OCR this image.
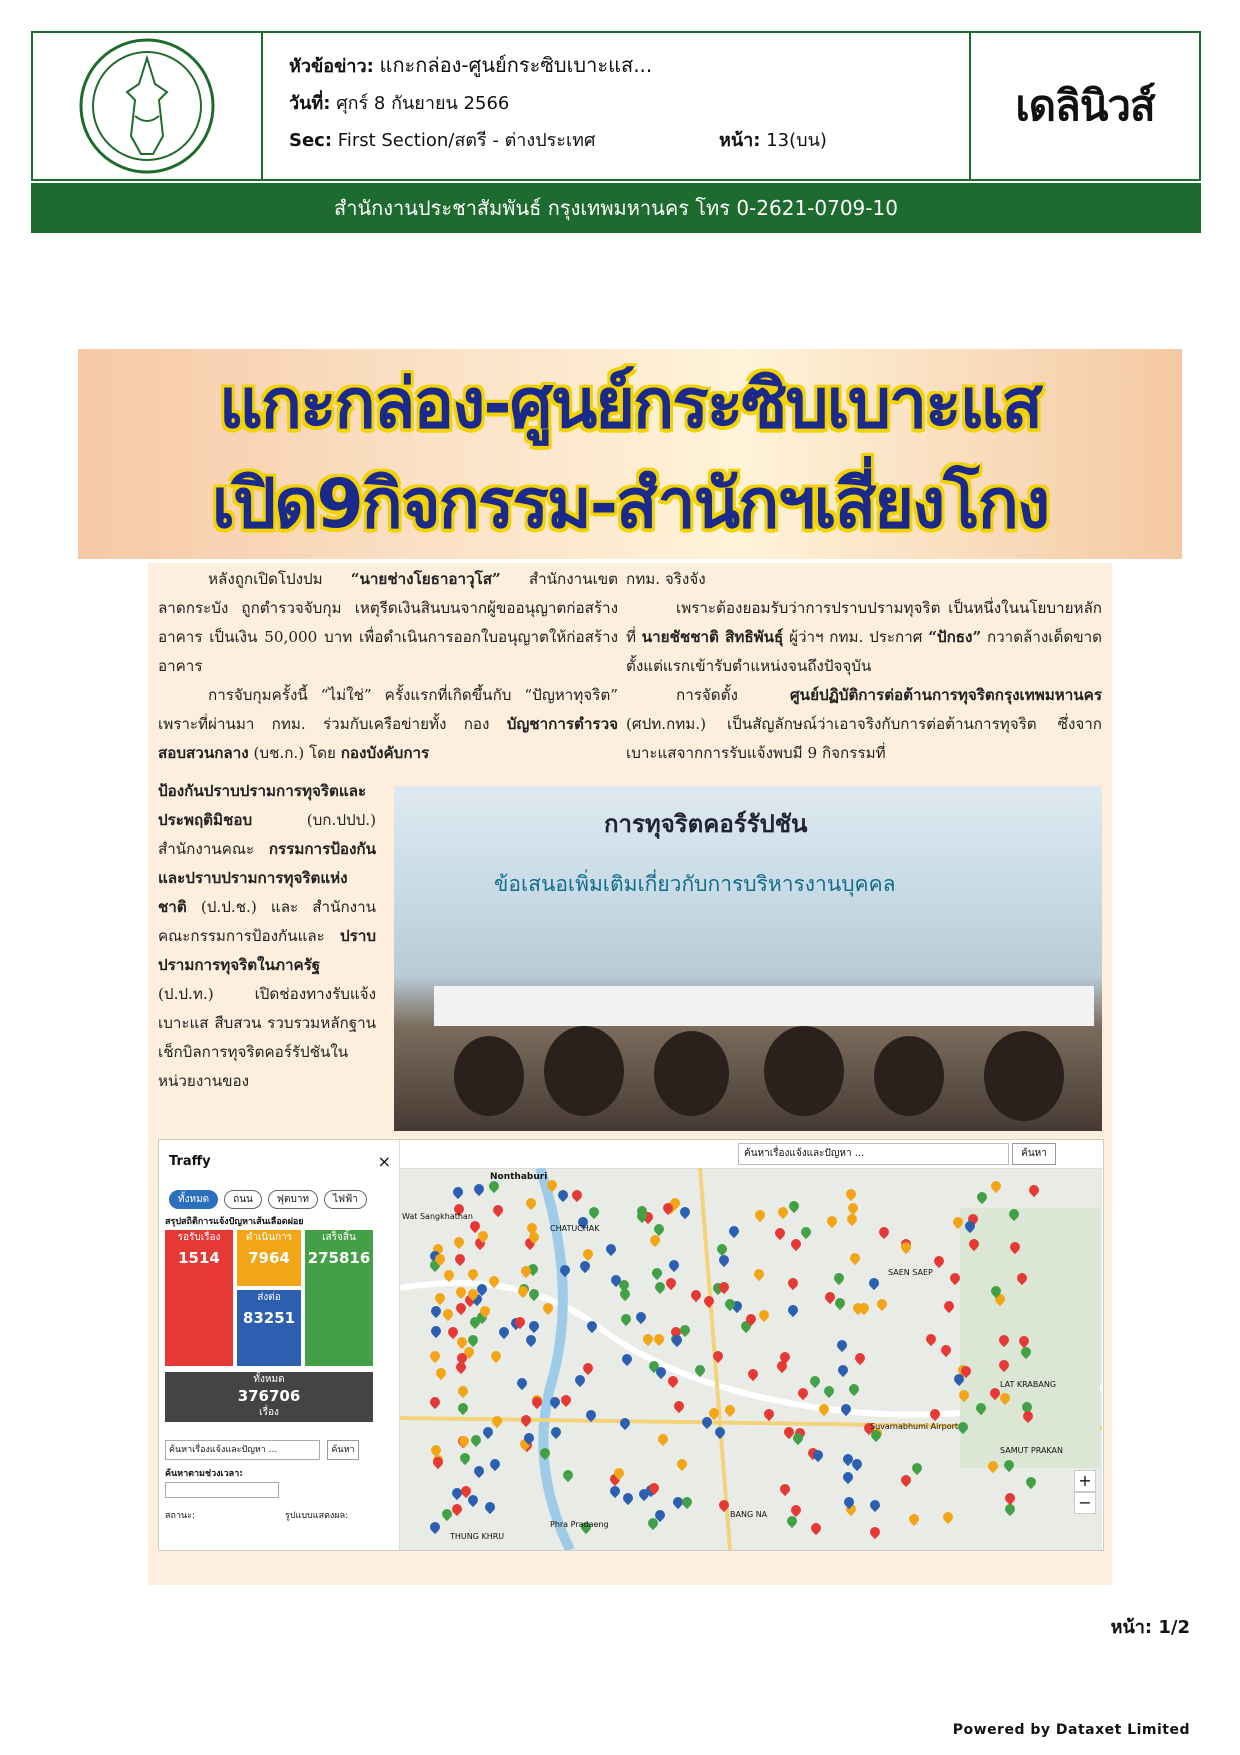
หัวข้อข่าว: แกะกล่อง-ศูนย์กระซิบเบาะแส...
วันที่: ศุกร์ 8 กันยายน 2566
Sec: First Section/สตรี - ต่างประเทศ	หน้า: 13(บน)
เดลินิวส์
สำนักงานประชาสัมพันธ์ กรุงเทพมหานคร โทร 0-2621-0709-10
แกะกล่อง-ศูนย์กระซิบเบาะแส
เปิด9กิจกรรม-สำนักฯเสี่ยงโกง

หลังถูกเปิดโปงปม “นายช่างโยธาอาวุโส” สำนักงานเขตลาดกระบัง ถูกตำรวจจับกุม เหตุรีดเงินสินบนจากผู้ขออนุญาตก่อสร้างอาคาร เป็นเงิน 50,000 บาท เพื่อดำเนินการออกใบอนุญาตให้ก่อสร้างอาคาร

การจับกุมครั้งนี้ “ไม่ใช่” ครั้งแรกที่เกิดขึ้นกับ “ปัญหาทุจริต” เพราะที่ผ่านมา กทม. ร่วมกับเครือข่ายทั้ง กอง บัญชาการตำรวจสอบสวนกลาง (บช.ก.) โดย กองบังคับการ

ป้องกันปราบปรามการทุจริตและประพฤติมิชอบ	(บก.ปปป.) สำนักงานคณะ กรรมการป้องกันและปราบปรามการทุจริตแห่งชาติ (ป.ป.ช.) และ สำนักงานคณะกรรมการป้องกันและ ปราบปรามการทุจริตในภาครัฐ (ป.ป.ท.) เปิดช่องทางรับแจ้งเบาะแส สืบสวน รวบรวมหลักฐาน เช็กบิลการทุจริตคอร์รัปชันในหน่วยงานของ

กทม. จริงจัง

เพราะต้องยอมรับว่าการปราบปรามทุจริต เป็นหนึ่งในนโยบายหลักที่ นายชัชชาติ สิทธิพันธุ์ ผู้ว่าฯ กทม. ประกาศ “ปักธง” กวาดล้างเด็ดขาดตั้งแต่แรกเข้ารับตำแหน่งจนถึงปัจจุบัน

การจัดตั้ง	ศูนย์ปฏิบัติการต่อต้านการทุจริตกรุงเทพมหานคร (ศปท.กทม.) เป็นสัญลักษณ์ว่าเอาจริงกับการต่อต้านการทุจริต ซึ่งจากเบาะแสจากการรับแจ้งพบมี 9 กิจกรรมที่

การทุจริตคอร์รัปชัน
ข้อเสนอเพิ่มเติมเกี่ยวกับการบริหารงานบุคคล
Traffy	×
ทั้งหมด	ถนน	ฟุตบาท	ไฟฟ้า
สรุปสถิติการแจ้งปัญหาเส้นเลือดฝอย
รอรับเรื่อง
1514
ดำเนินการ
7964
เสร็จสิ้น
275816
ส่งต่อ
83251
ทั้งหมด
376706
เรื่อง
ค้นหาเรื่องแจ้งและปัญหา ...	ค้นหา
ค้นหาตามช่วงเวลา:
สถานะ:	รูปแบบแสดงผล:
ค้นหาเรื่องแจ้งและปัญหา ...	ค้นหา
Nonthaburi
CHATUCHAK
SAEN SAEP
LAT KRABANG
Phra Pradaeng
THUNG KHRU
BANG NA
SAMUT PRAKAN
Suvarnabhumi Airport
Wat Sangkhathan
+
−
หน้า: 1/2
Powered by Dataxet Limited
